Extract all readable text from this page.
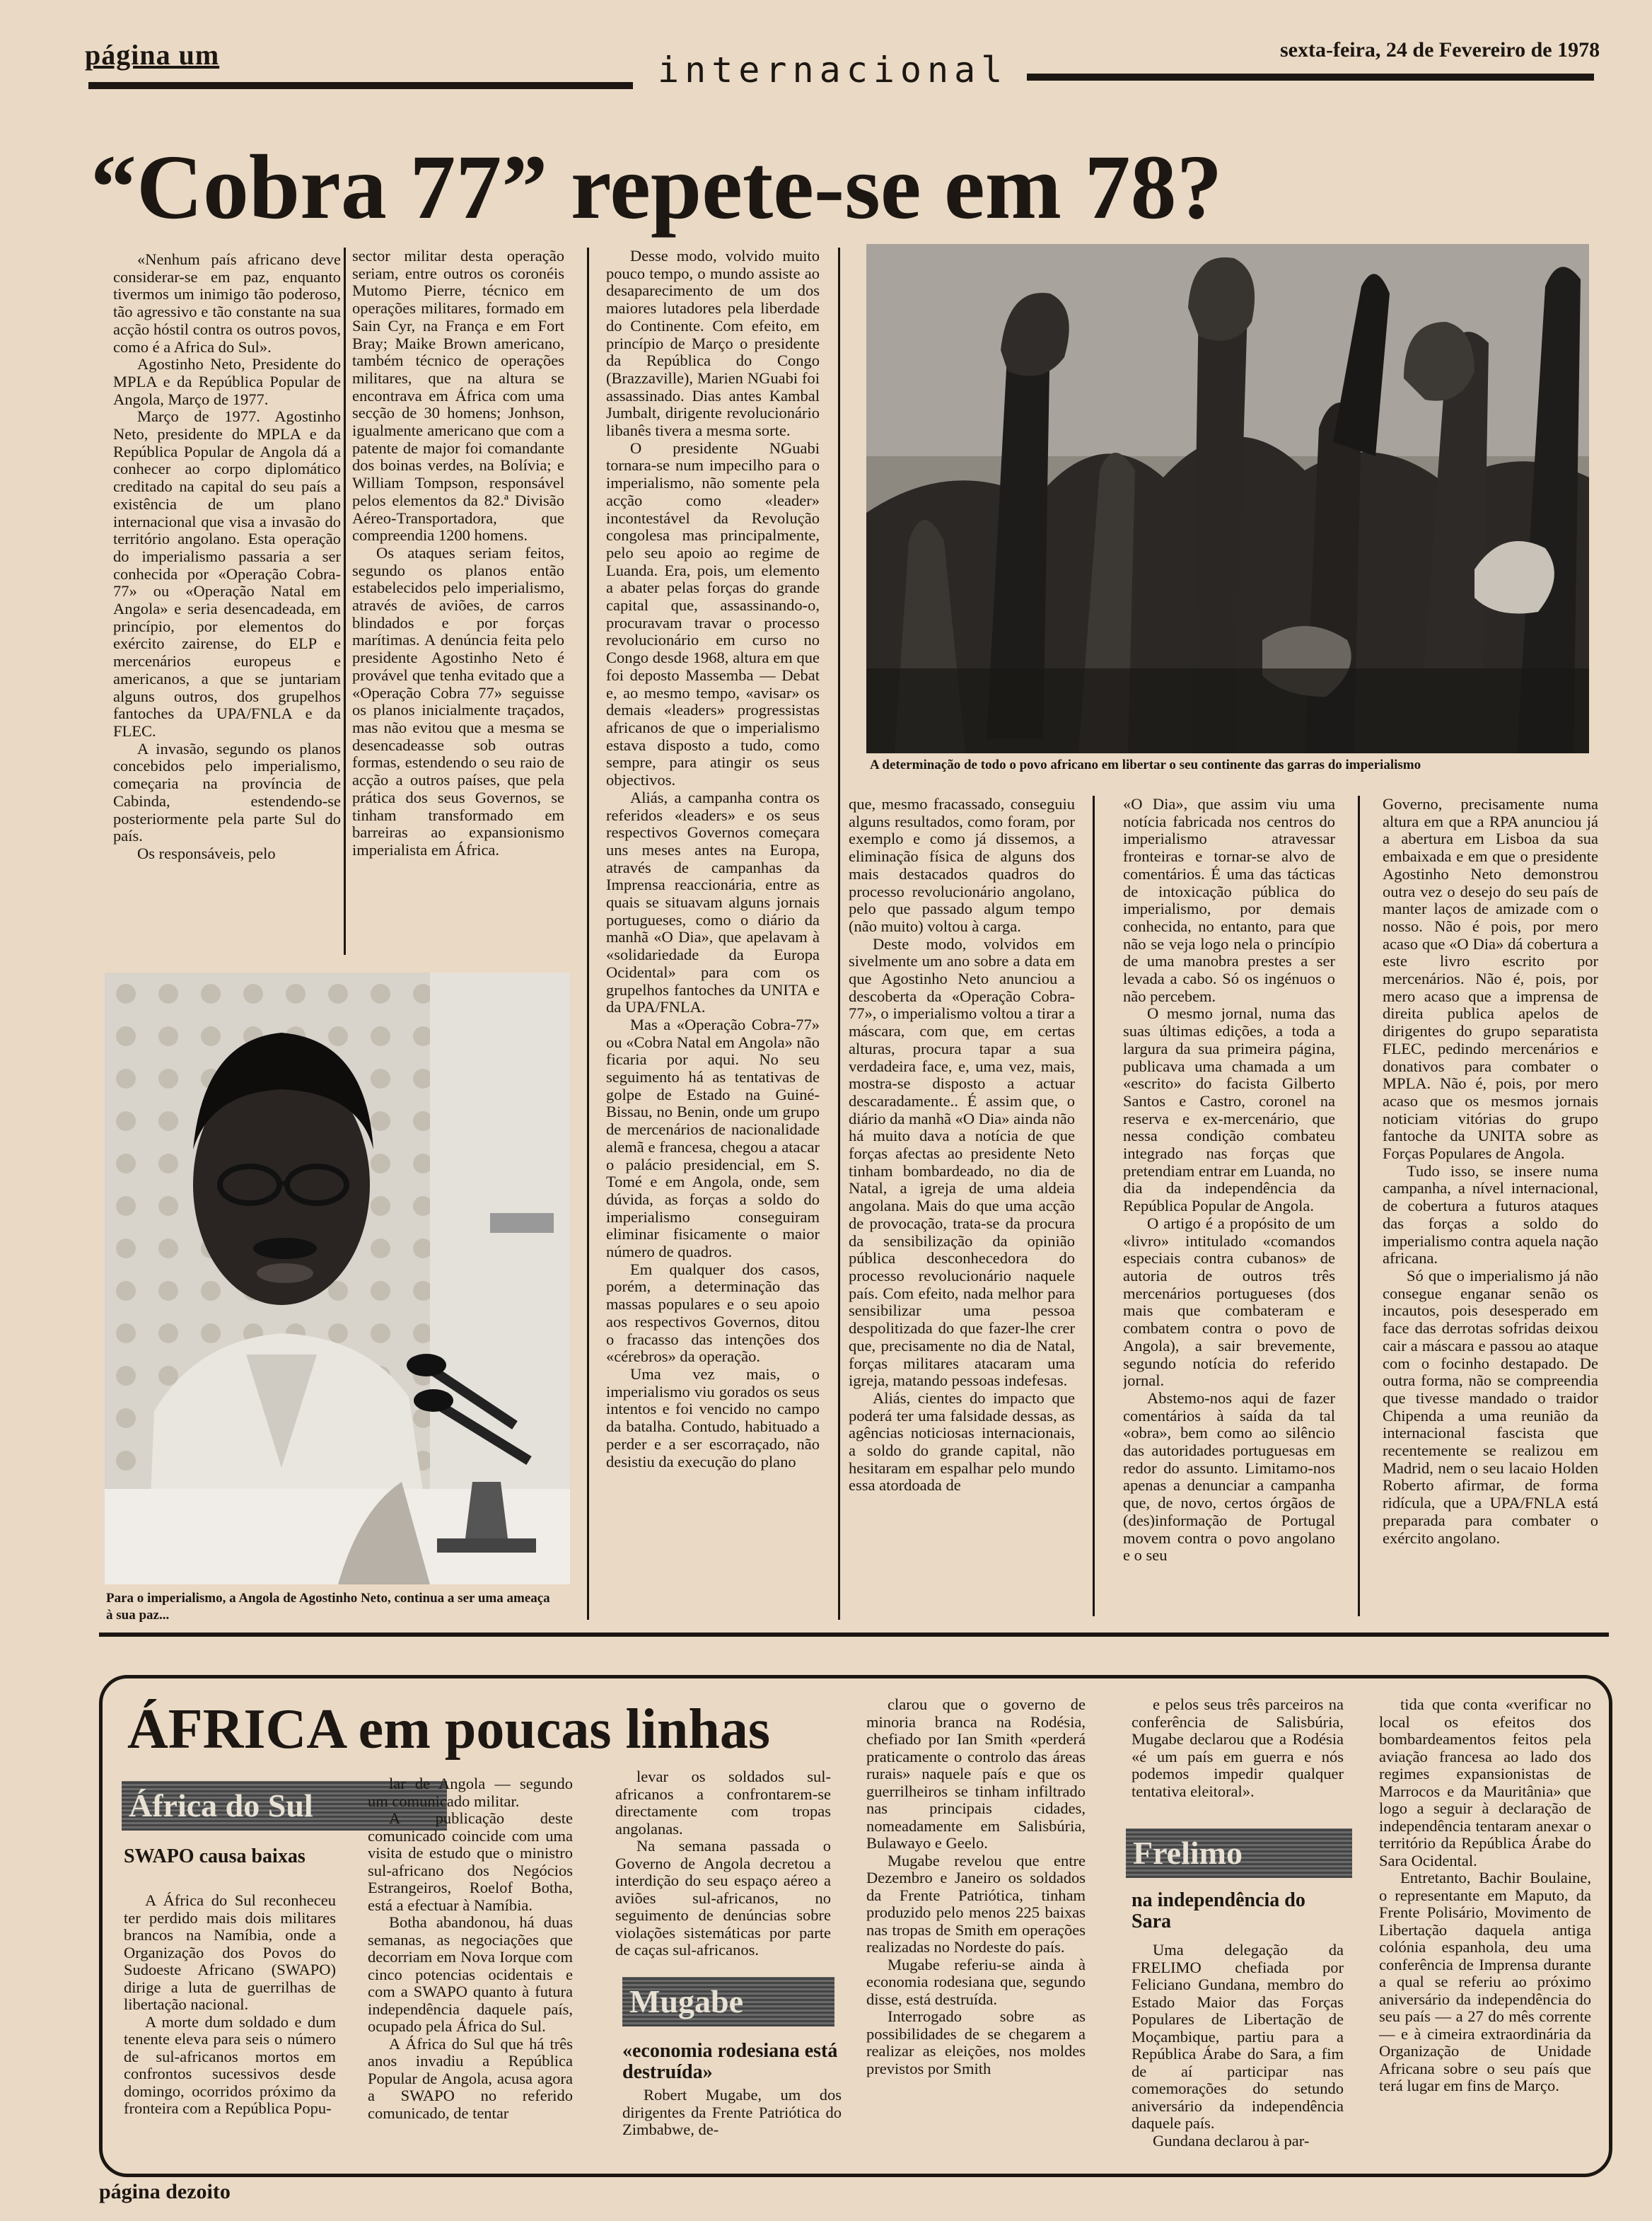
página um	internacional	sexta-feira, 24 de Fevereiro de 1978
“Cobra 77” repete-se em 78?

«Nenhum país africano deve considerar-se em paz, enquanto tivermos um inimigo tão poderoso, tão agressivo e tão constante na sua acção hóstil contra os outros povos, como é a Africa do Sul».

Agostinho Neto, Presidente do MPLA e da República Popular de Angola, Março de 1977.

Março de 1977. Agostinho Neto, presidente do MPLA e da República Popular de Angola dá a conhecer ao corpo diplomático creditado na capital do seu país a existência de um plano internacional que visa a invasão do território angolano. Esta operação do imperialismo passaria a ser conhecida por «Operação Cobra-77» ou «Operação Natal em Angola» e seria desencadeada, em princípio, por elementos do exército zairense, do ELP e mercenários europeus e americanos, a que se juntariam alguns outros, dos grupelhos fantoches da UPA/FNLA e da FLEC.

A invasão, segundo os planos concebidos pelo imperialismo, começaria na província de Cabinda, estendendo-se posteriormente pela parte Sul do país.

Os responsáveis, pelo

sector militar desta operação seriam, entre outros os coronéis Mutomo Pierre, técnico em operações militares, formado em Sain Cyr, na França e em Fort Bray; Maike Brown americano, também técnico de operações militares, que na altura se encontrava em África com uma secção de 30 homens; Jonhson, igualmente americano que com a patente de major foi comandante dos boinas verdes, na Bolívia; e William Tompson, responsável pelos elementos da 82.ª Divisão Aéreo-Transportadora, que compreendia 1200 homens.

Os ataques seriam feitos, segundo os planos então estabelecidos pelo imperialismo, através de aviões, de carros blindados e por forças marítimas. A denúncia feita pelo presidente Agostinho Neto é provável que tenha evitado que a «Operação Cobra 77» seguisse os planos inicialmente traçados, mas não evitou que a mesma se desencadeasse sob outras formas, estendendo o seu raio de acção a outros países, que pela prática dos seus Governos, se tinham transformado em barreiras ao expansionismo imperialista em África.

Desse modo, volvido muito pouco tempo, o mundo assiste ao desaparecimento de um dos maiores lutadores pela liberdade do Continente. Com efeito, em princípio de Março o presidente da República do Congo (Brazzaville), Marien NGuabi foi assassinado. Dias antes Kambal Jumbalt, dirigente revolucionário libanês tivera a mesma sorte.

O presidente NGuabi tornara-se num impecilho para o imperialismo, não somente pela acção como «leader» incontestável da Revolução congolesa mas principalmente, pelo seu apoio ao regime de Luanda. Era, pois, um elemento a abater pelas forças do grande capital que, assassinando-o, procuravam travar o processo revolucionário em curso no Congo desde 1968, altura em que foi deposto Massemba — Debat e, ao mesmo tempo, «avisar» os demais «leaders» progressistas africanos de que o imperialismo estava disposto a tudo, como sempre, para atingir os seus objectivos.

Aliás, a campanha contra os referidos «leaders» e os seus respectivos Governos começara uns meses antes na Europa, através de campanhas da Imprensa reaccionária, entre as quais se situavam alguns jornais portugueses, como o diário da manhã «O Dia», que apelavam à «solidariedade da Europa Ocidental» para com os grupelhos fantoches da UNITA e da UPA/FNLA.

Mas a «Operação Cobra-77» ou «Cobra Natal em Angola» não ficaria por aqui. No seu seguimento há as tentativas de golpe de Estado na Guiné-Bissau, no Benin, onde um grupo de mercenários de nacionalidade alemã e francesa, chegou a atacar o palácio presidencial, em S. Tomé e em Angola, onde, sem dúvida, as forças a soldo do imperialismo conseguiram eliminar fisicamente o maior número de quadros.

Em qualquer dos casos, porém, a determinação das massas populares e o seu apoio aos respectivos Governos, ditou o fracasso das intenções dos «cérebros» da operação.

Uma vez mais, o imperialismo viu gorados os seus intentos e foi vencido no campo da batalha. Contudo, habituado a perder e a ser escorraçado, não desistiu da execução do plano

que, mesmo fracassado, conseguiu alguns resultados, como foram, por exemplo e como já dissemos, a eliminação física de alguns dos mais destacados quadros do processo revolucionário angolano, pelo que passado algum tempo (não muito) voltou à carga.

Deste modo, volvidos em sivelmente um ano sobre a data em que Agostinho Neto anunciou a descoberta da «Operação Cobra-77», o imperialismo voltou a tirar a máscara, com que, em certas alturas, procura tapar a sua verdadeira face, e, uma vez, mais, mostra-se disposto a actuar descaradamente.. É assim que, o diário da manhã «O Dia» ainda não há muito dava a notícia de que forças afectas ao presidente Neto tinham bombardeado, no dia de Natal, a igreja de uma aldeia angolana. Mais do que uma acção de provocação, trata-se da procura da sensibilização da opinião pública desconhecedora do processo revolucionário naquele país. Com efeito, nada melhor para sensibilizar uma pessoa despolitizada do que fazer-lhe crer que, precisamente no dia de Natal, forças militares atacaram uma igreja, matando pessoas indefesas.

Aliás, cientes do impacto que poderá ter uma falsidade dessas, as agências noticiosas internacionais, a soldo do grande capital, não hesitaram em espalhar pelo mundo essa atordoada de

«O Dia», que assim viu uma notícia fabricada nos centros do imperialismo atravessar fronteiras e tornar-se alvo de comentários. É uma das tácticas de intoxicação pública do imperialismo, por demais conhecida, no entanto, para que não se veja logo nela o princípio de uma manobra prestes a ser levada a cabo. Só os ingénuos o não percebem.

O mesmo jornal, numa das suas últimas edições, a toda a largura da sua primeira página, publicava uma chamada a um «escrito» do facista Gilberto Santos e Castro, coronel na reserva e ex-mercenário, que nessa condição combateu integrado nas forças que pretendiam entrar em Luanda, no dia da independência da República Popular de Angola.

O artigo é a propósito de um «livro» intitulado «comandos especiais contra cubanos» de autoria de outros três mercenários portugueses (dos mais que combateram e combatem contra o povo de Angola), a sair brevemente, segundo notícia do referido jornal.

Abstemo-nos aqui de fazer comentários à saída da tal «obra», bem como ao silêncio das autoridades portuguesas em redor do assunto. Limitamo-nos apenas a denunciar a campanha que, de novo, certos órgãos de (des)informação de Portugal movem contra o povo angolano e o seu

Governo, precisamente numa altura em que a RPA anunciou já a abertura em Lisboa da sua embaixada e em que o presidente Agostinho Neto demonstrou outra vez o desejo do seu país de manter laços de amizade com o nosso. Não é pois, por mero acaso que «O Dia» dá cobertura a este livro escrito por mercenários. Não é, pois, por mero acaso que a imprensa de direita publica apelos de dirigentes do grupo separatista FLEC, pedindo mercenários e donativos para combater o MPLA. Não é, pois, por mero acaso que os mesmos jornais noticiam vitórias do grupo fantoche da UNITA sobre as Forças Populares de Angola.

Tudo isso, se insere numa campanha, a nível internacional, de cobertura a futuros ataques das forças a soldo do imperialismo contra aquela nação africana.

Só que o imperialismo já não consegue enganar senão os incautos, pois desesperado em face das derrotas sofridas deixou cair a máscara e passou ao ataque com o focinho destapado. De outra forma, não se compreendia que tivesse mandado o traidor Chipenda a uma reunião da internacional fascista que recentemente se realizou em Madrid, nem o seu lacaio Holden Roberto afirmar, de forma ridícula, que a UPA/FNLA está preparada para combater o exército angolano.

A determinação de todo o povo africano em libertar o seu continente das garras do imperialismo
Para o imperialismo, a Angola de Agostinho Neto, continua a ser uma ameaça à sua paz...
ÁFRICA em poucas linhas
África do Sul
SWAPO causa baixas

A África do Sul reconheceu ter perdido mais dois militares brancos na Namíbia, onde a Organização dos Povos do Sudoeste Africano (SWAPO) dirige a luta de guerrilhas de libertação nacional.

A morte dum soldado e dum tenente eleva para seis o número de sul-africanos mortos em confrontos sucessivos desde domingo, ocorridos próximo da fronteira com a República Popu-

lar de Angola — segundo um comunicado militar.

A publicação deste comunicado coincide com uma visita de estudo que o ministro sul-africano dos Negócios Estrangeiros, Roelof Botha, está a efectuar à Namíbia.

Botha abandonou, há duas semanas, as negociações que decorriam em Nova Iorque com cinco potencias ocidentais e com a SWAPO quanto à futura independência daquele país, ocupado pela África do Sul.

A África do Sul que há três anos invadiu a República Popular de Angola, acusa agora a SWAPO no referido comunicado, de tentar

levar os soldados sul-africanos a confrontarem-se directamente com tropas angolanas.

Na semana passada o Governo de Angola decretou a interdição do seu espaço aéreo a aviões sul-africanos, no seguimento de denúncias sobre violações sistemáticas por parte de caças sul-africanos.

Mugabe
«economia rodesiana está destruída»

Robert Mugabe, um dos dirigentes da Frente Patriótica do Zimbabwe, de-

clarou que o governo de minoria branca na Rodésia, chefiado por Ian Smith «perderá praticamente o controlo das áreas rurais» naquele país e que os guerrilheiros se tinham infiltrado nas principais cidades, nomeadamente em Salisbúria, Bulawayo e Geelo.

Mugabe revelou que entre Dezembro e Janeiro os soldados da Frente Patriótica, tinham produzido pelo menos 225 baixas nas tropas de Smith em operações realizadas no Nordeste do país.

Mugabe referiu-se ainda à economia rodesiana que, segundo disse, está destruída.

Interrogado sobre as possibilidades de se chegarem a realizar as eleições, nos moldes previstos por Smith

e pelos seus três parceiros na conferência de Salisbúria, Mugabe declarou que a Rodésia «é um país em guerra e nós podemos impedir qualquer tentativa eleitoral».

Frelimo
na independência do Sara

Uma delegação da FRELIMO chefiada por Feliciano Gundana, membro do Estado Maior das Forças Populares de Libertação de Moçambique, partiu para a República Árabe do Sara, a fim de aí participar nas comemorações do setundo aniversário da independência daquele país.

Gundana declarou à par-

tida que conta «verificar no local os efeitos dos bombardeamentos feitos pela aviação francesa ao lado dos regimes expansionistas de Marrocos e da Mauritânia» que logo a seguir à declaração de independência tentaram anexar o território da República Árabe do Sara Ocidental.

Entretanto, Bachir Boulaine, o representante em Maputo, da Frente Polisário, Movimento de Libertação daquela antiga colónia espanhola, deu uma conferência de Imprensa durante a qual se referiu ao próximo aniversário da independência do seu país — a 27 do mês corrente — e à cimeira extraordinária da Organização de Unidade Africana sobre o seu país que terá lugar em fins de Março.

página dezoito
